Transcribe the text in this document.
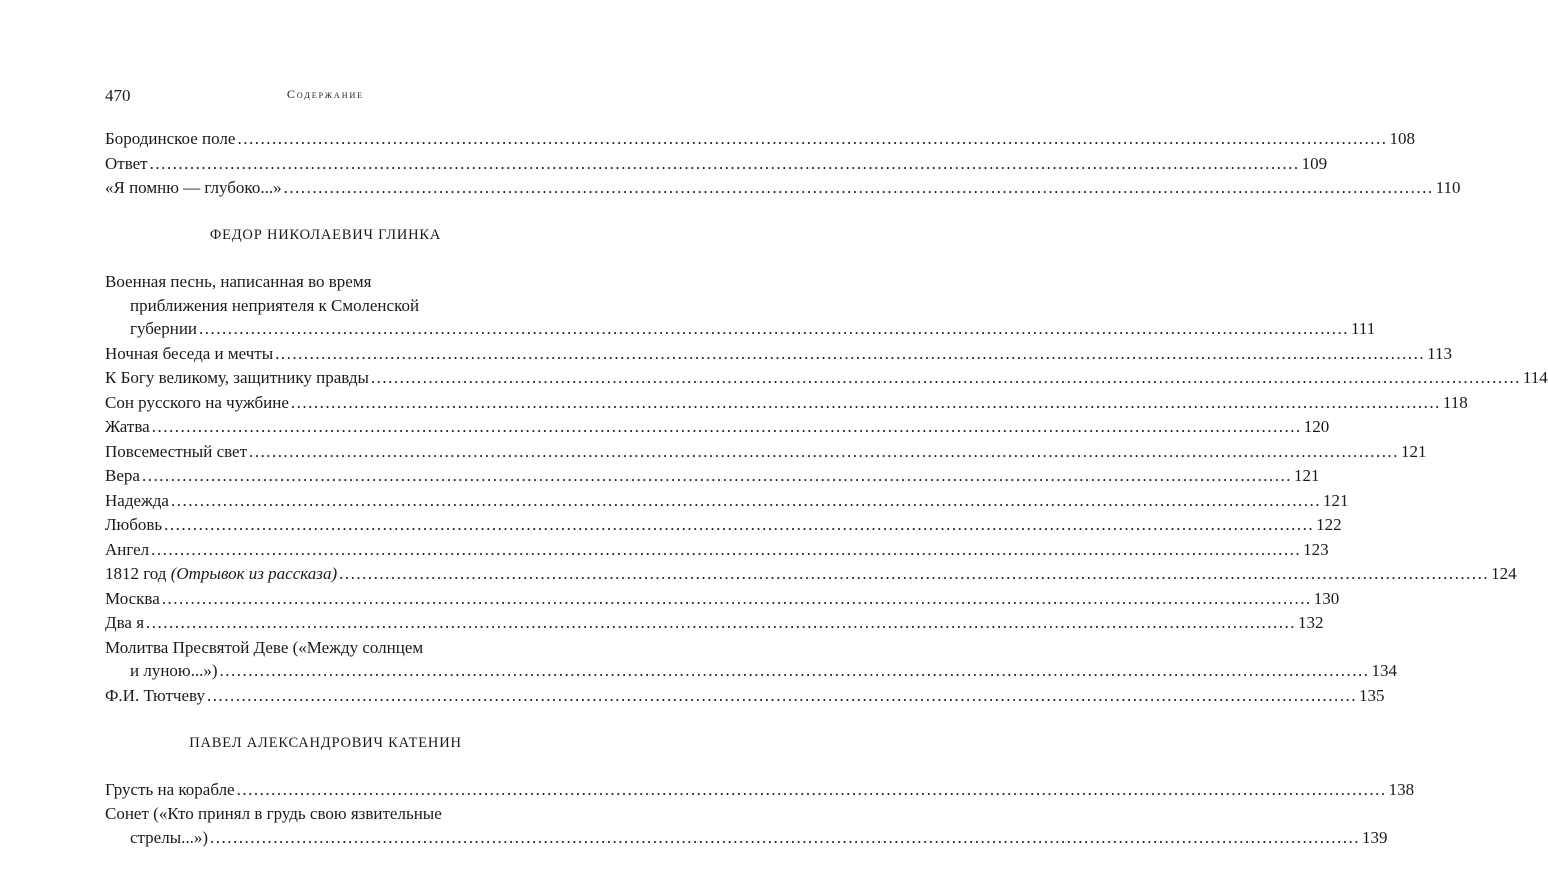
470	Содержание
Бородинское поле ........................................................................................................................................................................................................ 108
Ответ ........................................................................................................................................................................................................ 109
«Я помню — глубоко...» ........................................................................................................................................................................................................ 110
ФЕДОР НИКОЛАЕВИЧ ГЛИНКА
Военная песнь, написанная во время
приближения неприятеля к Смоленской
губернии ........................................................................................................................................................................................................ 111
Ночная беседа и мечты ........................................................................................................................................................................................................ 113
К Богу великому, защитнику правды ........................................................................................................................................................................................................ 114
Сон русского на чужбине ........................................................................................................................................................................................................ 118
Жатва ........................................................................................................................................................................................................ 120
Повсеместный свет ........................................................................................................................................................................................................ 121
Вера ........................................................................................................................................................................................................ 121
Надежда ........................................................................................................................................................................................................ 121
Любовь ........................................................................................................................................................................................................ 122
Ангел ........................................................................................................................................................................................................ 123
1812 год (Отрывок из рассказа) ........................................................................................................................................................................................................ 124
Москва ........................................................................................................................................................................................................ 130
Два я ........................................................................................................................................................................................................ 132
Молитва Пресвятой Деве («Между солнцем
и луною...») ........................................................................................................................................................................................................ 134
Ф.И. Тютчеву ........................................................................................................................................................................................................ 135
ПАВЕЛ АЛЕКСАНДРОВИЧ КАТЕНИН
Грусть на корабле ........................................................................................................................................................................................................ 138
Сонет («Кто принял в грудь свою язвительные
стрелы...») ........................................................................................................................................................................................................ 139
